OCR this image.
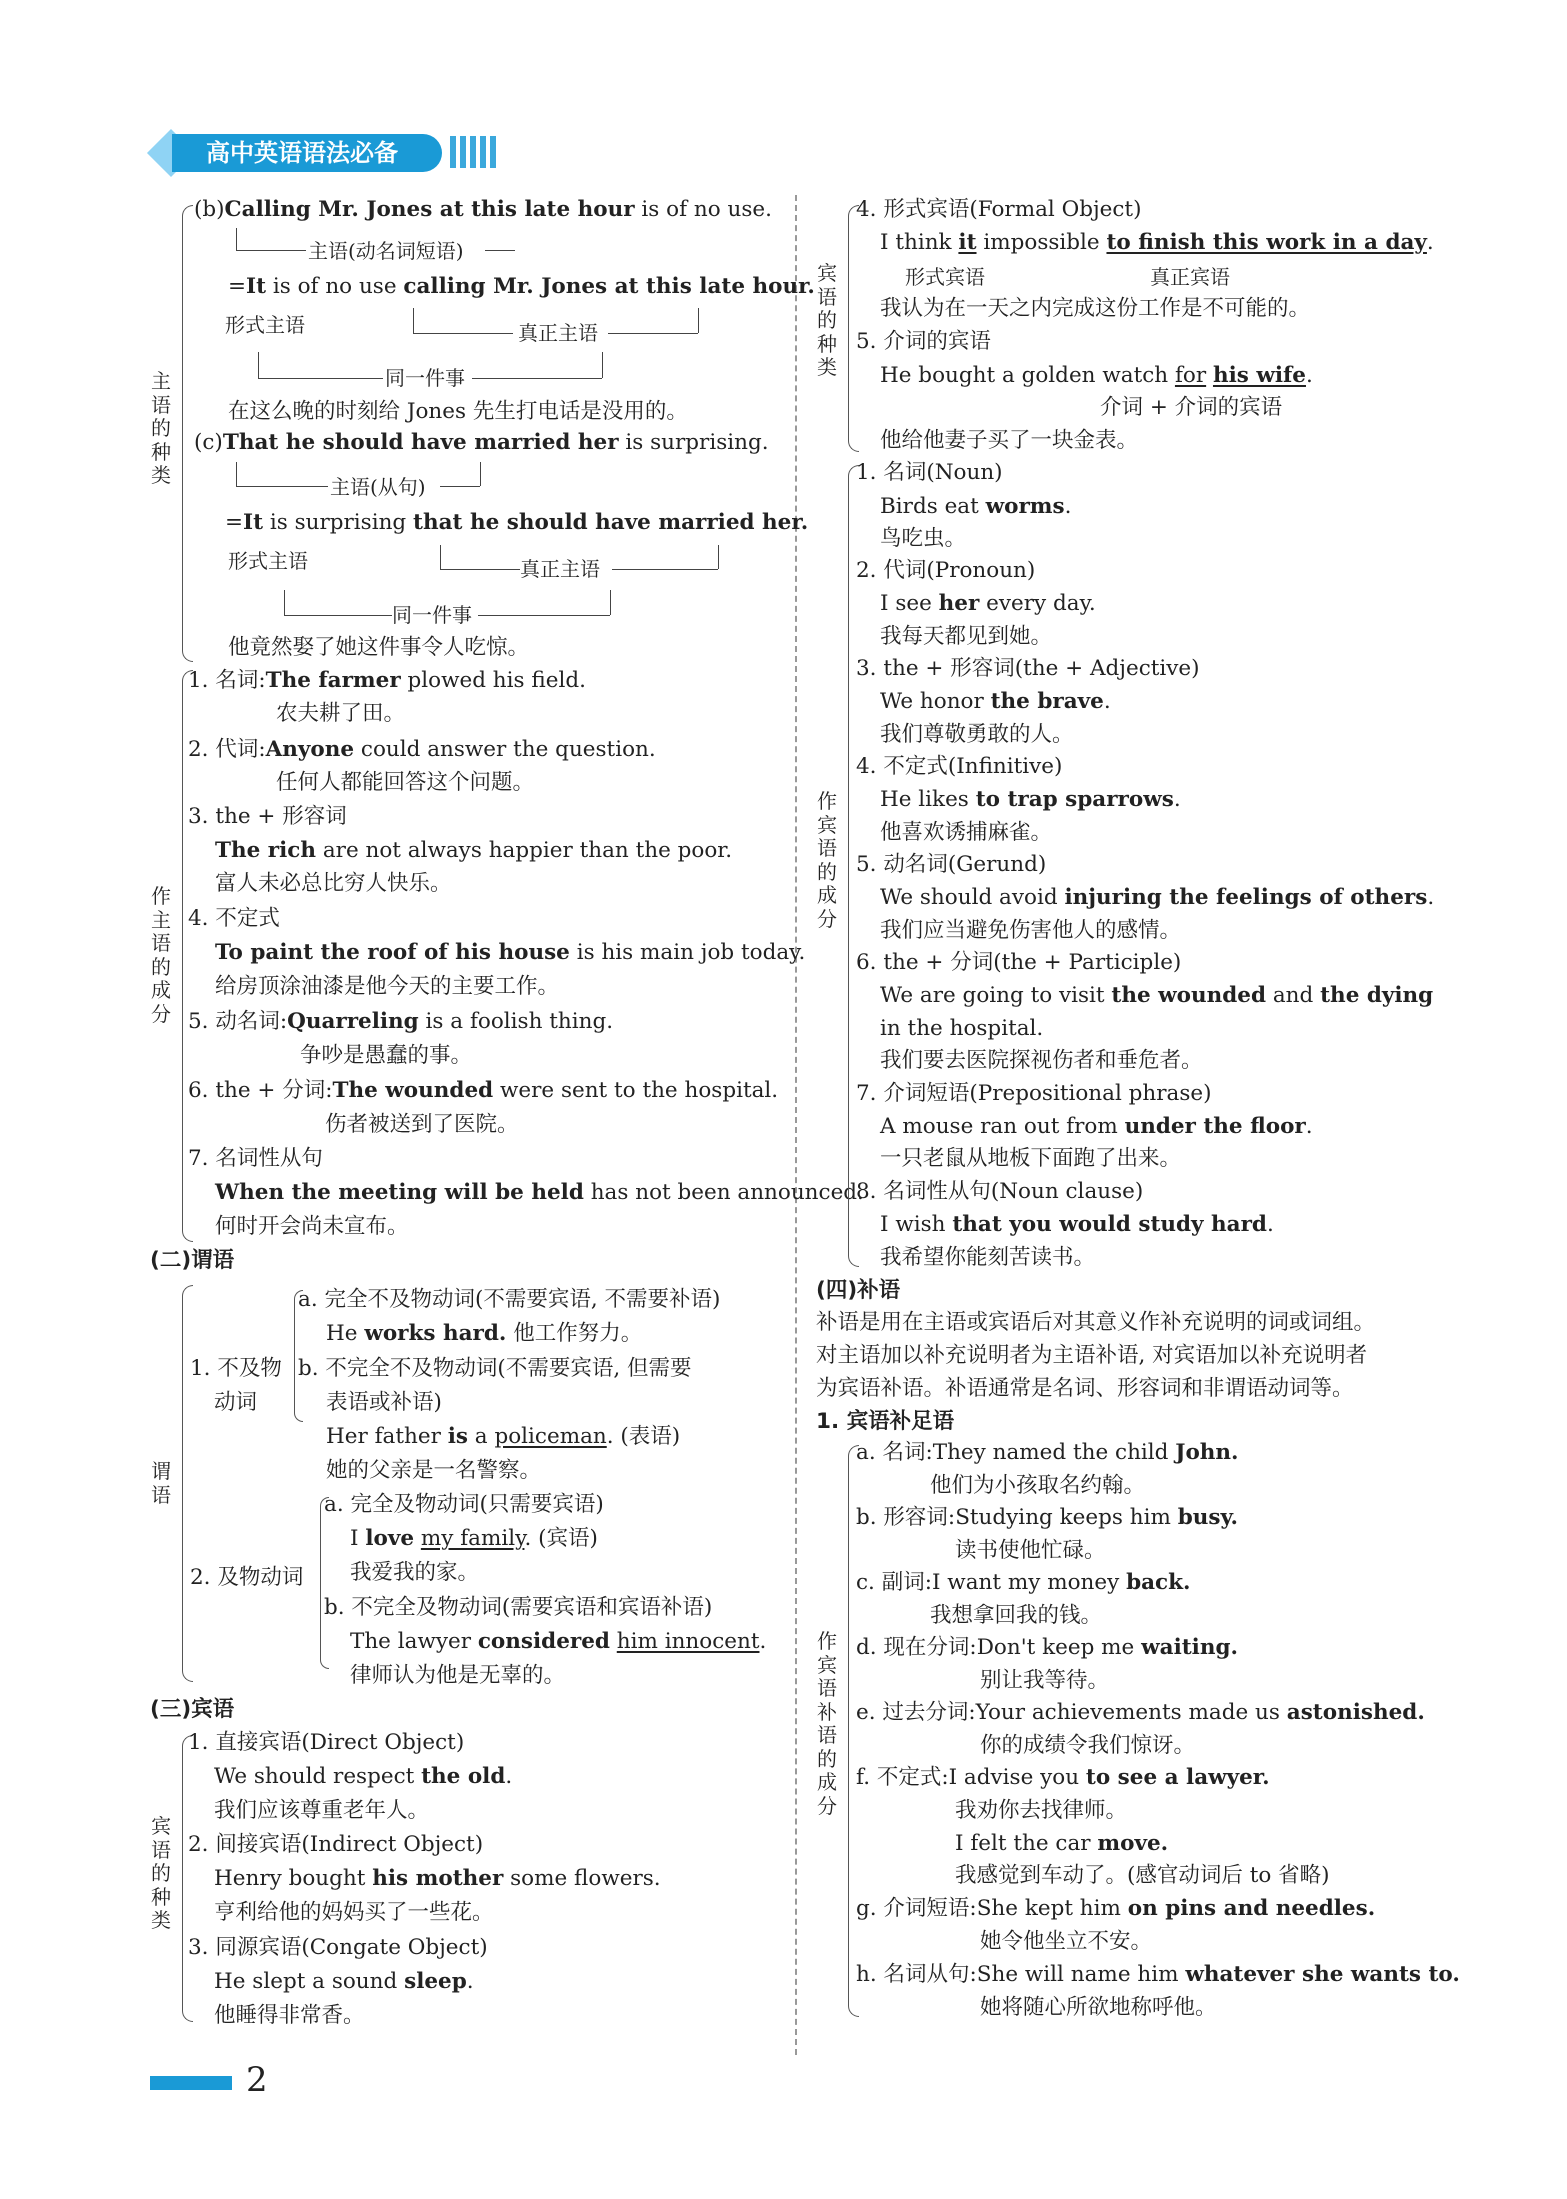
高中英语语法必备
主语的种类
(b)Calling Mr. Jones at this late hour is of no use.
主语(动名词短语)
=It is of no use calling Mr. Jones at this late hour.
形式主语	真正主语
同一件事
在这么晚的时刻给 Jones 先生打电话是没用的。
(c)That he should have married her is surprising.
主语(从句)
=It is surprising that he should have married her.
形式主语	真正主语
同一件事
他竟然娶了她这件事令人吃惊。
作主语的成分
1. 名词:The farmer plowed his field.
农夫耕了田。
2. 代词:Anyone could answer the question.
任何人都能回答这个问题。
3. the + 形容词
The rich are not always happier than the poor.
富人未必总比穷人快乐。
4. 不定式
To paint the roof of his house is his main job today.
给房顶涂油漆是他今天的主要工作。
5. 动名词:Quarreling is a foolish thing.
争吵是愚蠢的事。
6. the + 分词:The wounded were sent to the hospital.
伤者被送到了医院。
7. 名词性从句
When the meeting will be held has not been announced.
何时开会尚未宣布。
(二)谓语
谓语
1. 不及物
动词
a. 完全不及物动词(不需要宾语, 不需要补语)
He works hard. 他工作努力。
b. 不完全不及物动词(不需要宾语, 但需要
表语或补语)
Her father is a policeman. (表语)
她的父亲是一名警察。
2. 及物动词
a. 完全及物动词(只需要宾语)
I love my family. (宾语)
我爱我的家。
b. 不完全及物动词(需要宾语和宾语补语)
The lawyer considered him innocent.
律师认为他是无辜的。
(三)宾语
宾语的种类
1. 直接宾语(Direct Object)
We should respect the old.
我们应该尊重老年人。
2. 间接宾语(Indirect Object)
Henry bought his mother some flowers.
亨利给他的妈妈买了一些花。
3. 同源宾语(Congate Object)
He slept a sound sleep.
他睡得非常香。
宾语的种类
4. 形式宾语(Formal Object)
I think it impossible to finish this work in a day.
形式宾语	真正宾语
我认为在一天之内完成这份工作是不可能的。
5. 介词的宾语
He bought a golden watch for his wife.
介词 + 介词的宾语
他给他妻子买了一块金表。
作宾语的成分
1. 名词(Noun)
Birds eat worms.
鸟吃虫。
2. 代词(Pronoun)
I see her every day.
我每天都见到她。
3. the + 形容词(the + Adjective)
We honor the brave.
我们尊敬勇敢的人。
4. 不定式(Infinitive)
He likes to trap sparrows.
他喜欢诱捕麻雀。
5. 动名词(Gerund)
We should avoid injuring the feelings of others.
我们应当避免伤害他人的感情。
6. the + 分词(the + Participle)
We are going to visit the wounded and the dying
in the hospital.
我们要去医院探视伤者和垂危者。
7. 介词短语(Prepositional phrase)
A mouse ran out from under the floor.
一只老鼠从地板下面跑了出来。
8. 名词性从句(Noun clause)
I wish that you would study hard.
我希望你能刻苦读书。
(四)补语
补语是用在主语或宾语后对其意义作补充说明的词或词组。
对主语加以补充说明者为主语补语, 对宾语加以补充说明者
为宾语补语。补语通常是名词、形容词和非谓语动词等。
1. 宾语补足语
作宾语补语的成分
a. 名词:They named the child John.
他们为小孩取名约翰。
b. 形容词:Studying keeps him busy.
读书使他忙碌。
c. 副词:I want my money back.
我想拿回我的钱。
d. 现在分词:Don't keep me waiting.
别让我等待。
e. 过去分词:Your achievements made us astonished.
你的成绩令我们惊讶。
f. 不定式:I advise you to see a lawyer.
我劝你去找律师。
I felt the car move.
我感觉到车动了。(感官动词后 to 省略)
g. 介词短语:She kept him on pins and needles.
她令他坐立不安。
h. 名词从句:She will name him whatever she wants to.
她将随心所欲地称呼他。
2
